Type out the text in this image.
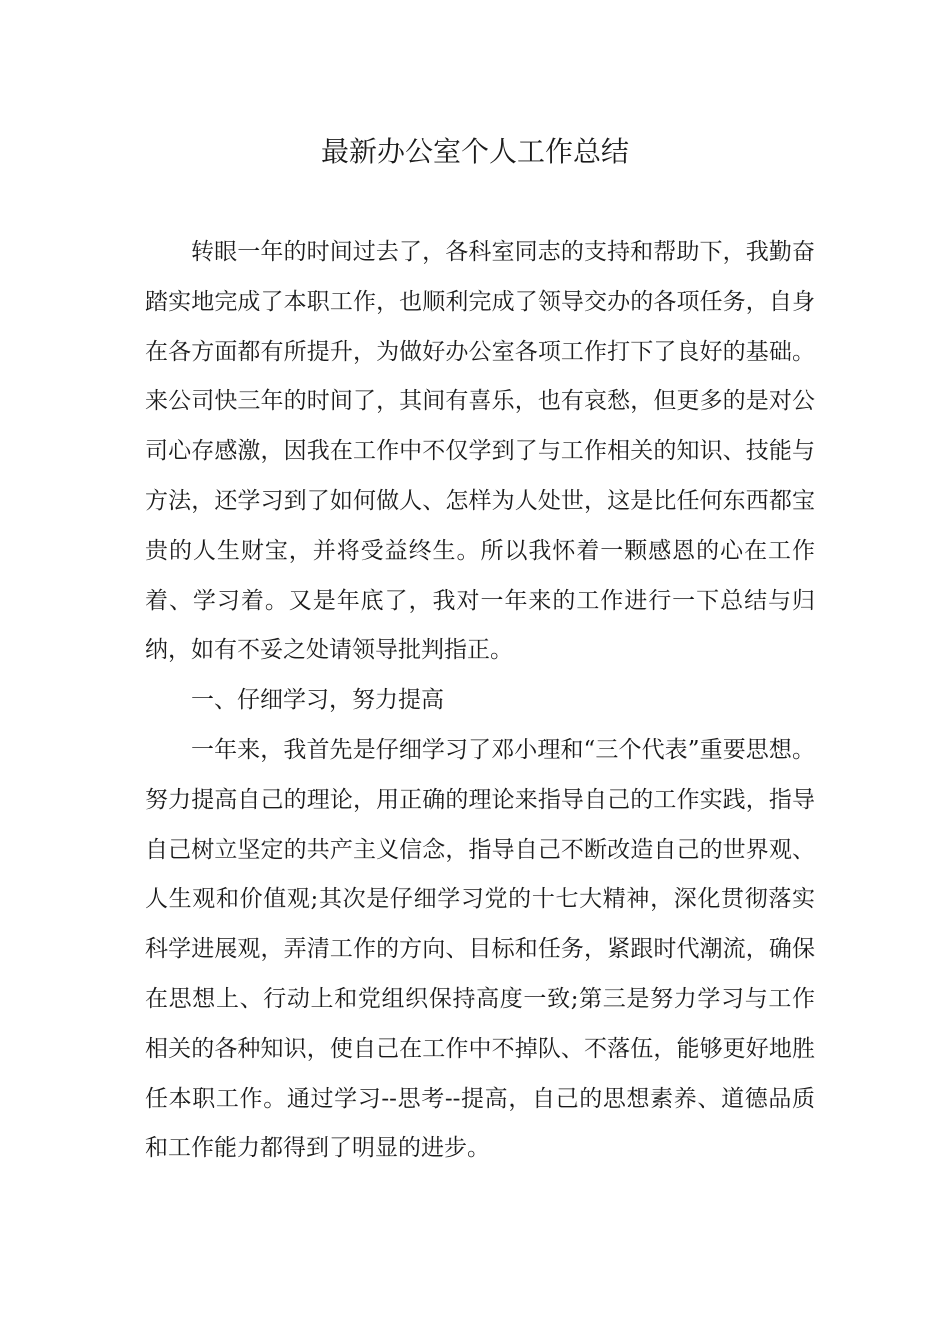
最新办公室个人工作总结

转眼一年的时间过去了，各科室同志的支持和帮助下，我勤奋踏实地完成了本职工作，也顺利完成了领导交办的各项任务，自身在各方面都有所提升，为做好办公室各项工作打下了良好的基础。来公司快三年的时间了，其间有喜乐，也有哀愁，但更多的是对公司心存感激，因我在工作中不仅学到了与工作相关的知识、技能与方法，还学习到了如何做人、怎样为人处世，这是比任何东西都宝贵的人生财宝，并将受益终生。所以我怀着一颗感恩的心在工作着、学习着。又是年底了，我对一年来的工作进行一下总结与归纳，如有不妥之处请领导批判指正。

一、仔细学习，努力提高

一年来，我首先是仔细学习了邓小理和“三个代表”重要思想。努力提高自己的理论，用正确的理论来指导自己的工作实践，指导自己树立坚定的共产主义信念，指导自己不断改造自己的世界观、人生观和价值观;其次是仔细学习党的十七大精神，深化贯彻落实科学进展观，弄清工作的方向、目标和任务，紧跟时代潮流，确保在思想上、行动上和党组织保持高度一致;第三是努力学习与工作相关的各种知识，使自己在工作中不掉队、不落伍，能够更好地胜任本职工作。通过学习--思考--提高，自己的思想素养、道德品质和工作能力都得到了明显的进步。
